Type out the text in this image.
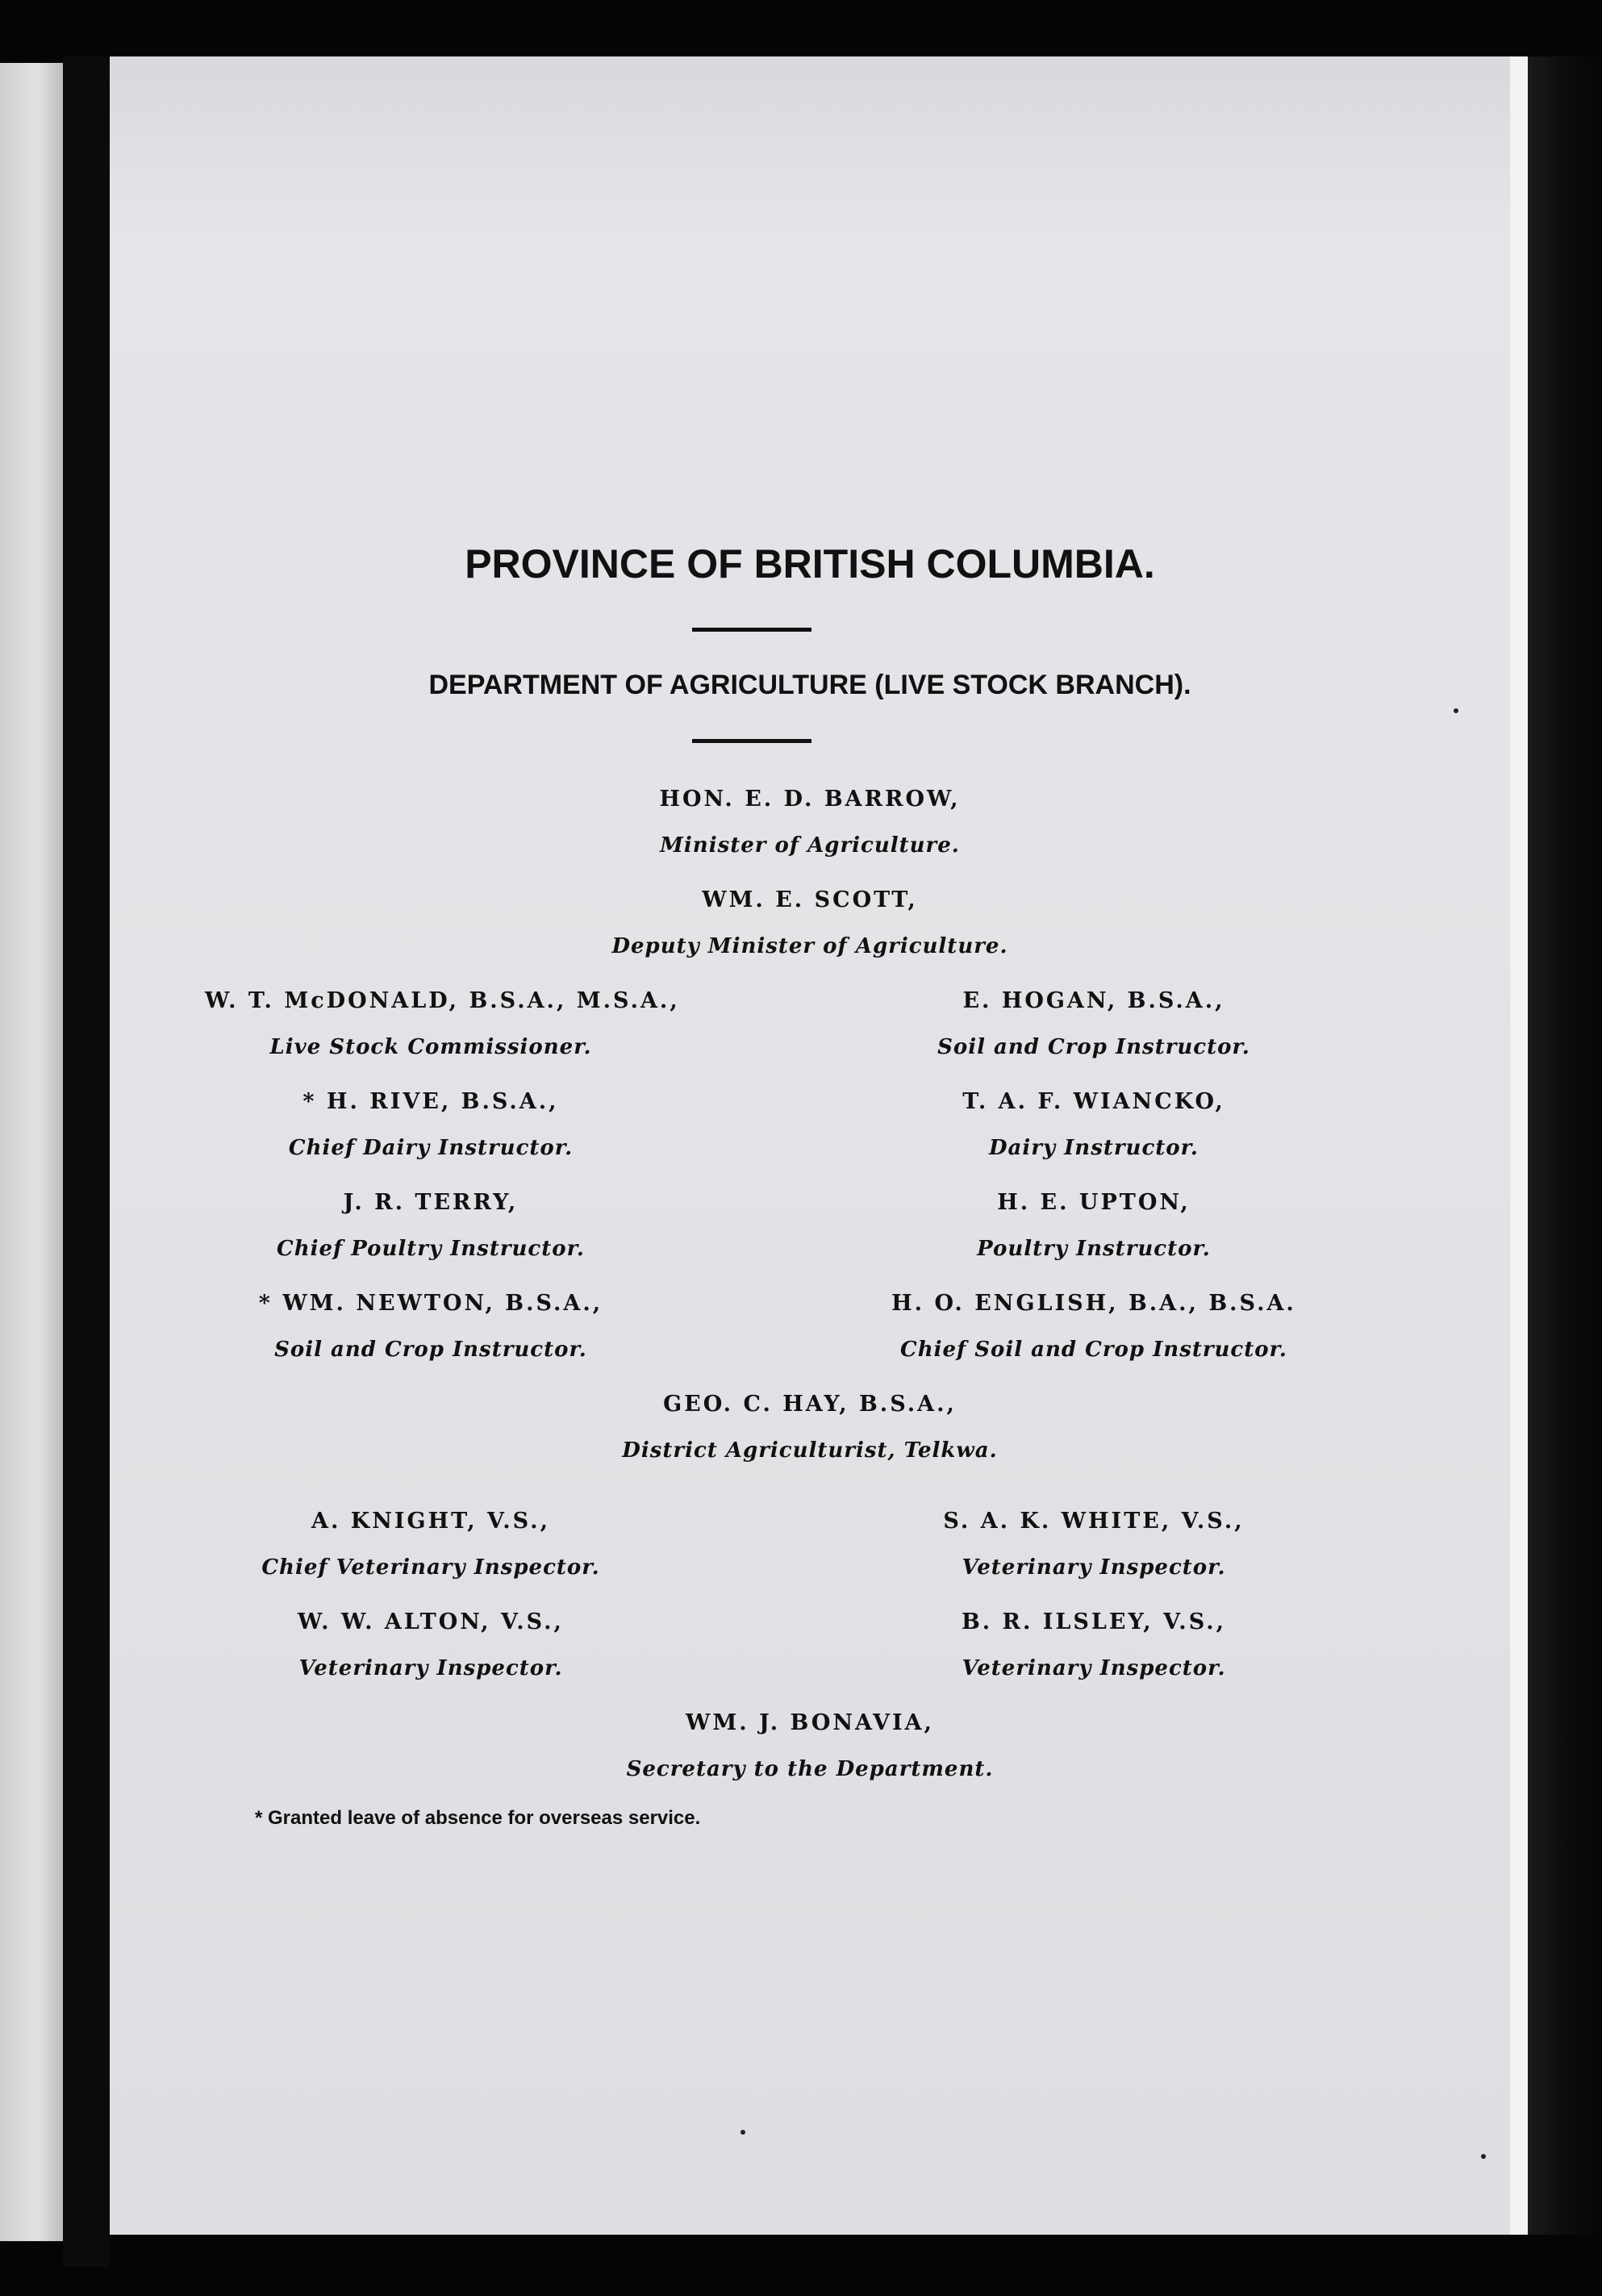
PROVINCE OF BRITISH COLUMBIA.
DEPARTMENT OF AGRICULTURE (LIVE STOCK BRANCH).
HON. E. D. BARROW,
Minister of Agriculture.
WM. E. SCOTT,
Deputy Minister of Agriculture.
W. T. McDONALD, B.S.A., M.S.A.,
Live Stock Commissioner.
E. HOGAN, B.S.A.,
Soil and Crop Instructor.
* H. RIVE, B.S.A.,
Chief Dairy Instructor.
T. A. F. WIANCKO,
Dairy Instructor.
J. R. TERRY,
Chief Poultry Instructor.
H. E. UPTON,
Poultry Instructor.
* WM. NEWTON, B.S.A.,
Soil and Crop Instructor.
H. O. ENGLISH, B.A., B.S.A.
Chief Soil and Crop Instructor.
GEO. C. HAY, B.S.A.,
District Agriculturist, Telkwa.
A. KNIGHT, V.S.,
Chief Veterinary Inspector.
S. A. K. WHITE, V.S.,
Veterinary Inspector.
W. W. ALTON, V.S.,
Veterinary Inspector.
B. R. ILSLEY, V.S.,
Veterinary Inspector.
WM. J. BONAVIA,
Secretary to the Department.
* Granted leave of absence for overseas service.
